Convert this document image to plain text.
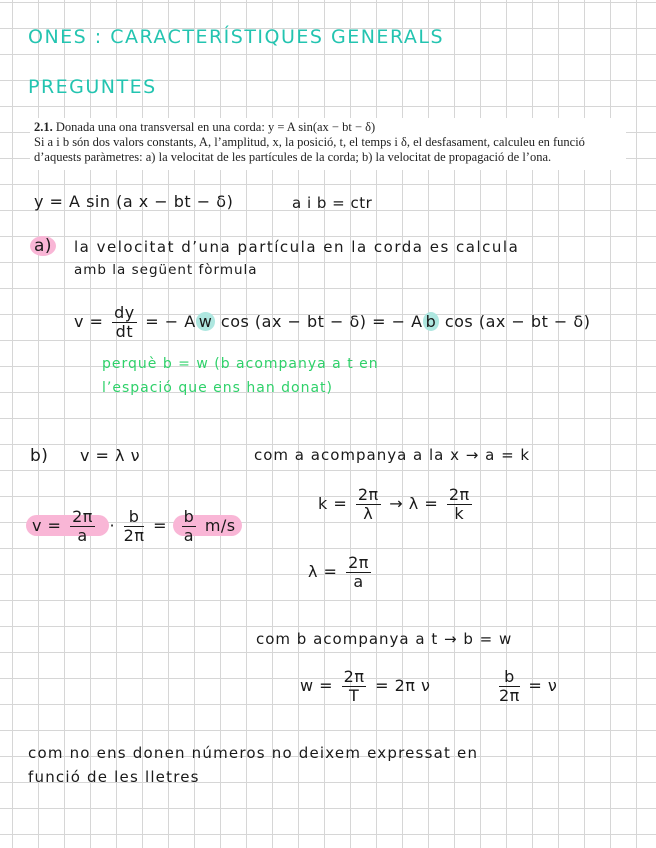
ONES : CARACTERÍSTIQUES GENERALS
PREGUNTES
2.1. Donada una ona transversal en una corda: y = A sin(ax − bt − δ)
Si a i b són dos valors constants, A, l’amplitud, x, la posició, t, el temps i δ, el desfasament, calculeu en funció
d’aquests paràmetres: a) la velocitat de les partícules de la corda; b) la velocitat de propagació de l’ona.
y = A sin (a x − bt − δ)	a i b = ctr
a) la velocitat d’una partícula en la corda es calcula
amb la següent fòrmula
$v = \frac{dy}{dt}$ = − A w cos (ax − bt − δ) = − A b cos (ax − bt − δ)
perquè b = w (b acompanya a t en
l’espació que ens han donat)
b) v = λ ν	com a acompanya a la x → a = k
$k = \frac{2\pi}{\lambda} \to \lambda = \frac{2\pi}{k}$
$v = \frac{2\pi}{a} \cdot \frac{b}{2\pi} = \frac{b}{a} m/s$
$\lambda = \frac{2\pi}{a}$
com b acompanya a t → b = w
$w = \frac{2\pi}{T} = 2\pi$ ν	$\frac{b}{2\pi} = \nu$
com no ens donen números no deixem expressat en
funció de les lletres
